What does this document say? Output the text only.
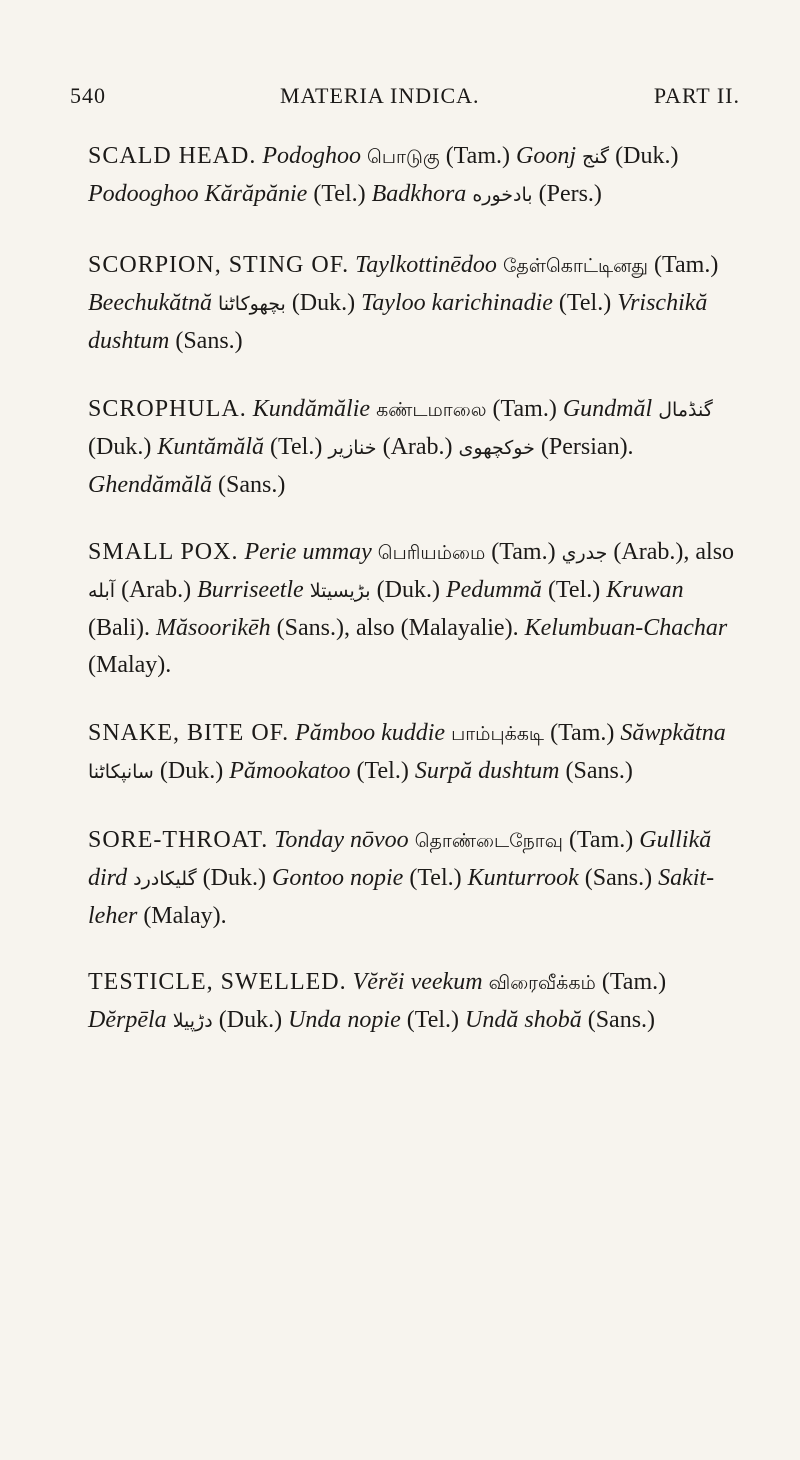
540	MATERIA INDICA.	PART II.

SCALD HEAD. Podoghoo பொடுகு (Tam.) Goonj گنج (Duk.) Podooghoo Kărăpănie (Tel.) Badkhora بادخوره (Pers.)

SCORPION, STING OF. Taylkottinēdoo தேள்கொட்டினது (Tam.) Beechukătnă بچهوکاٹنا (Duk.) Tayloo karichinadie (Tel.) Vrischikă dushtum (Sans.)

SCROPHULA. Kundămălie கண்டமாலை (Tam.) Gundmăl گنڈمال (Duk.) Kuntămălă (Tel.) خنازیر (Arab.) خوکچهوی (Persian). Ghendămălă (Sans.)

SMALL POX. Perie ummay பெரியம்மை (Tam.) جدري (Arab.), also آبله (Arab.) Burriseetle بڑیسیتلا (Duk.) Pedummă (Tel.) Kruwan (Bali). Măsoorikēh (Sans.), also (Malayalie). Kelumbuan-Chachar (Malay).

SNAKE, BITE OF. Pămboo kuddie பாம்புக்கடி (Tam.) Săwpkătna سانپکاٹنا (Duk.) Pămookatoo (Tel.) Surpă dushtum (Sans.)

SORE-THROAT. Tonday nōvoo தொண்டைநோவு (Tam.) Gullikă dird گلیکادرد (Duk.) Gontoo nopie (Tel.) Kunturrook (Sans.) Sakit-leher (Malay).

TESTICLE, SWELLED. Vĕrĕi veekum விரைவீக்கம் (Tam.) Dĕrpēla دڑپیلا (Duk.) Unda nopie (Tel.) Undă shobă (Sans.)
